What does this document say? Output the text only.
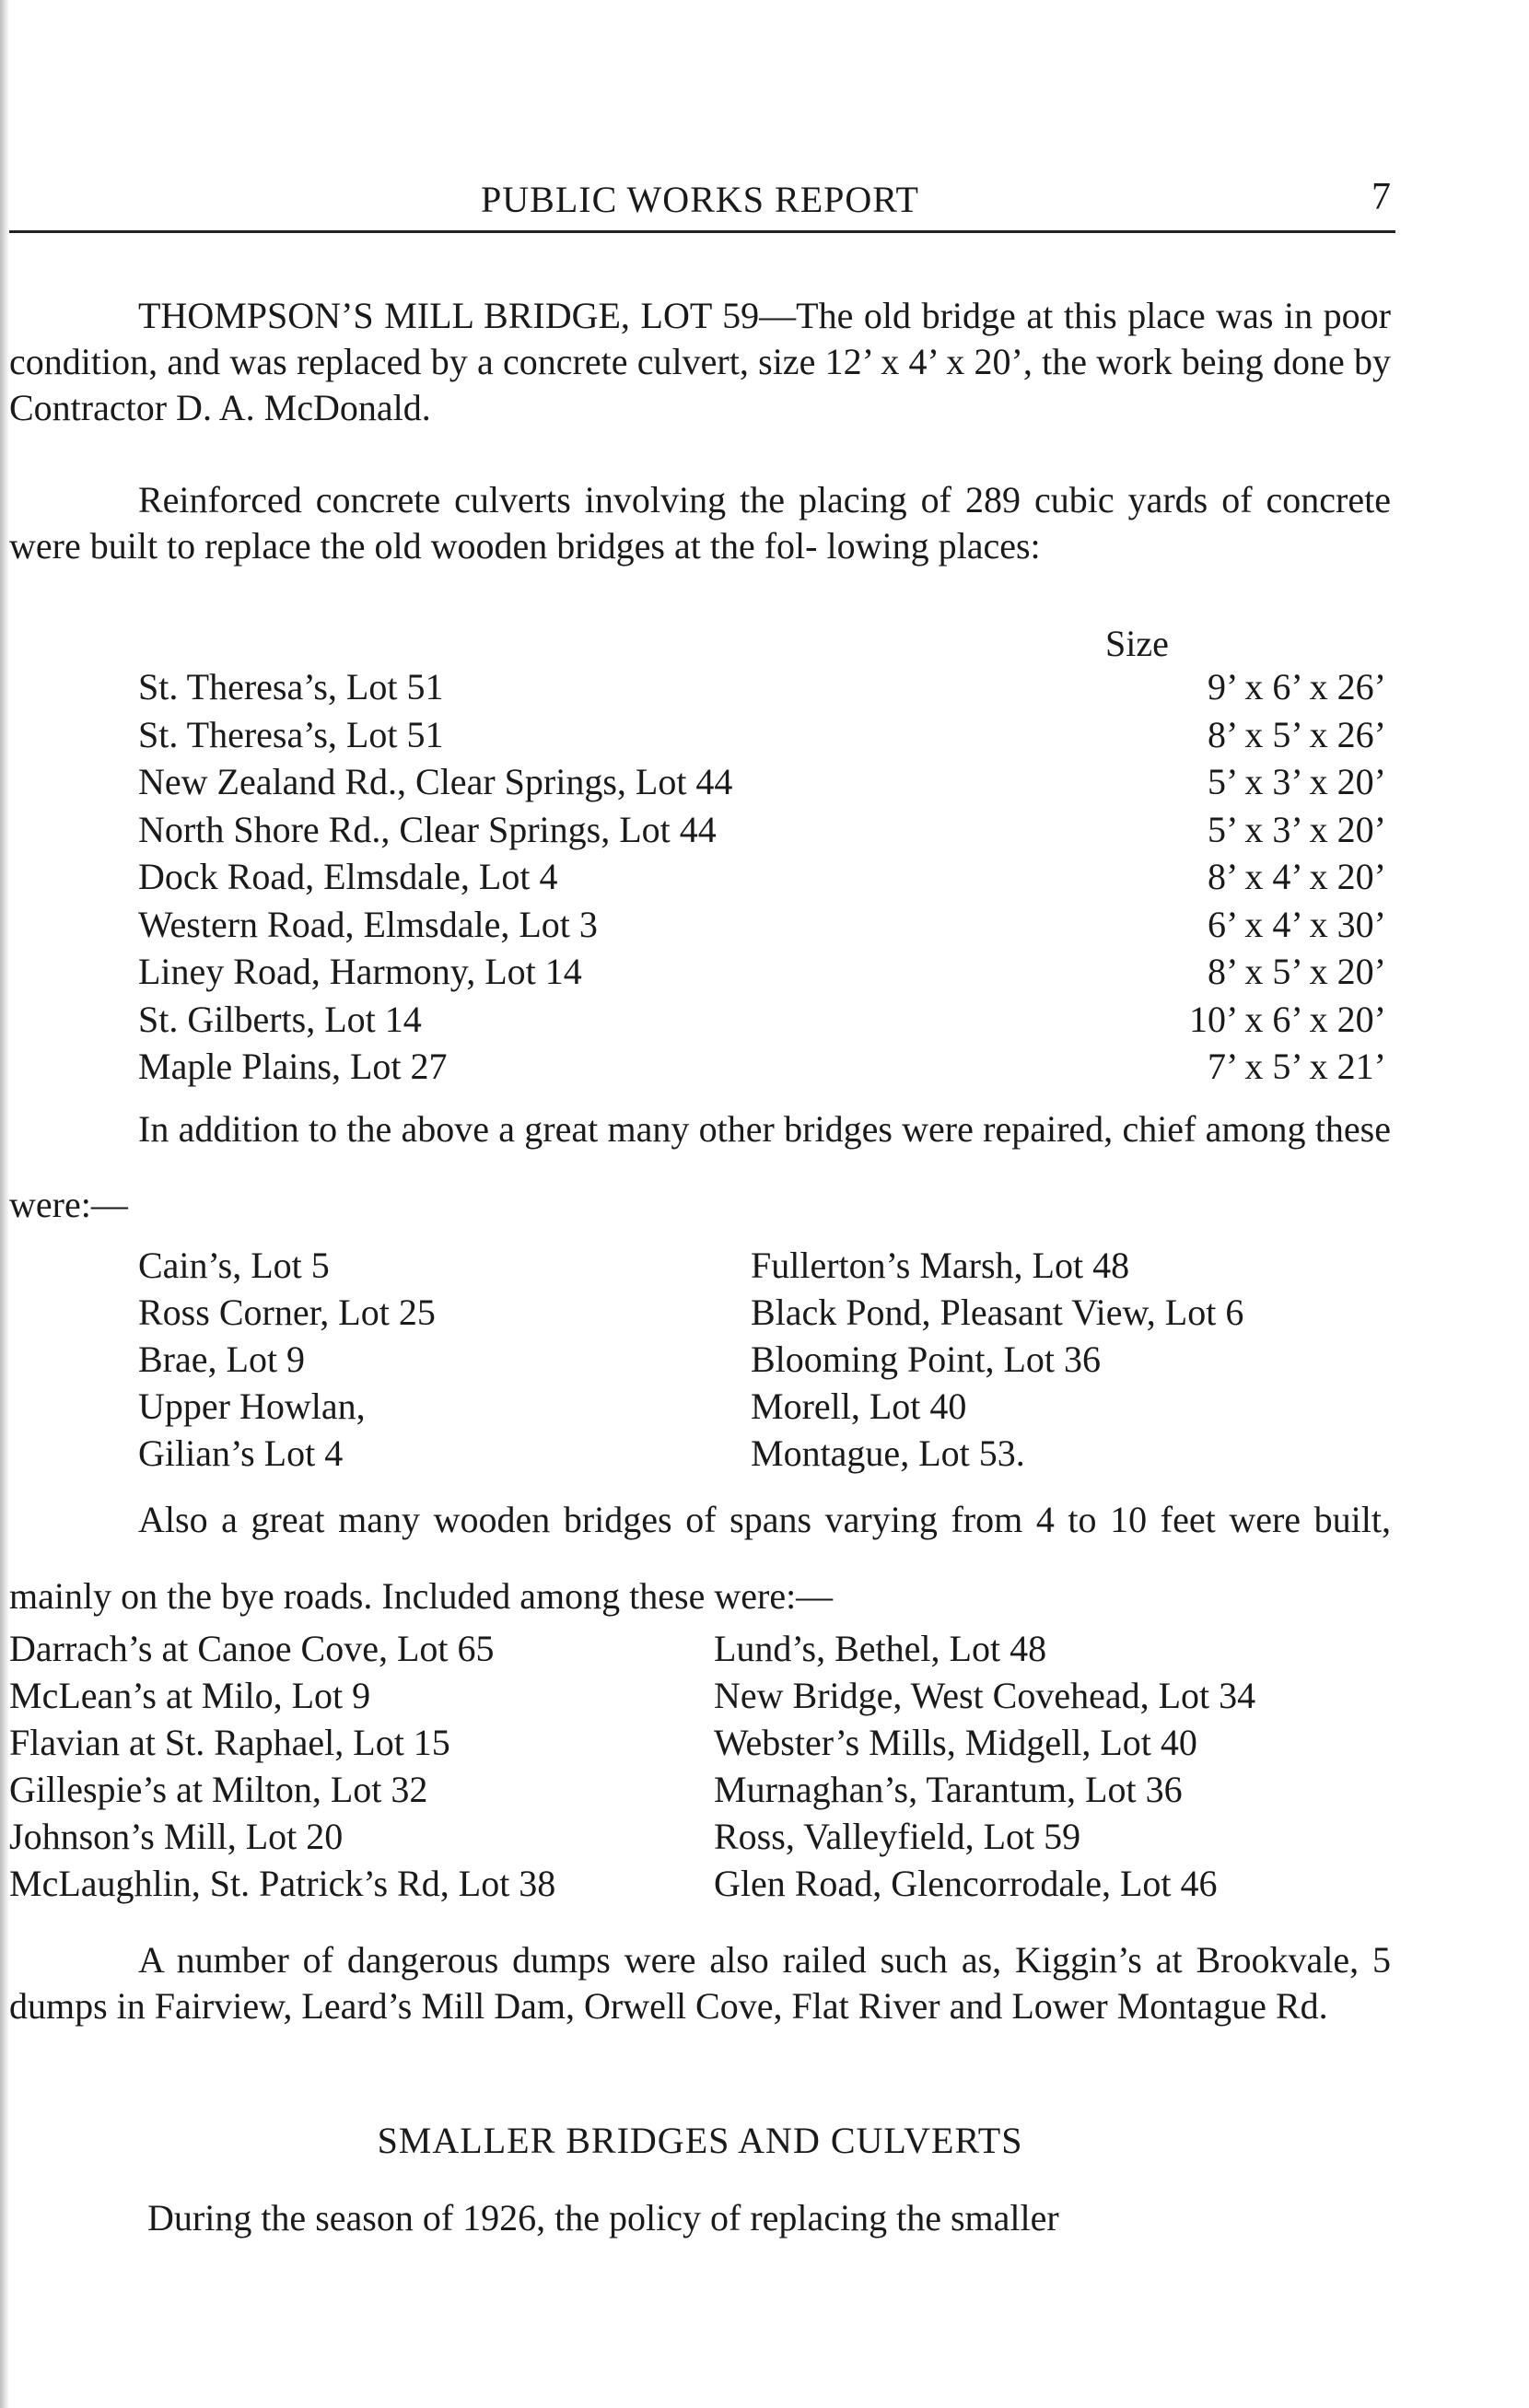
PUBLIC WORKS REPORT	7

THOMPSON’S MILL BRIDGE, LOT 59—The old bridge at this place was in poor condition, and was replaced by a concrete culvert, size 12’ x 4’ x 20’, the work being done by Contractor D. A. McDonald.

Reinforced concrete culverts involving the placing of 289 cubic yards of concrete were built to replace the old wooden bridges at the fol- lowing places:

Size
St. Theresa’s, Lot 51	9’ x 6’ x 26’
St. Theresa’s, Lot 51	8’ x 5’ x 26’
New Zealand Rd., Clear Springs, Lot 44	5’ x 3’ x 20’
North Shore Rd., Clear Springs, Lot 44	5’ x 3’ x 20’
Dock Road, Elmsdale, Lot 4	8’ x 4’ x 20’
Western Road, Elmsdale, Lot 3	6’ x 4’ x 30’
Liney Road, Harmony, Lot 14	8’ x 5’ x 20’
St. Gilberts, Lot 14	10’ x 6’ x 20’
Maple Plains, Lot 27	7’ x 5’ x 21’

In addition to the above a great many other bridges were repaired, chief among these were:—

Cain’s, Lot 5	Fullerton’s Marsh, Lot 48
Ross Corner, Lot 25	Black Pond, Pleasant View, Lot 6
Brae, Lot 9	Blooming Point, Lot 36
Upper Howlan,	Morell, Lot 40
Gilian’s Lot 4	Montague, Lot 53.

Also a great many wooden bridges of spans varying from 4 to 10 feet were built, mainly on the bye roads. Included among these were:—

Darrach’s at Canoe Cove, Lot 65	Lund’s, Bethel, Lot 48
McLean’s at Milo, Lot 9	New Bridge, West Covehead, Lot 34
Flavian at St. Raphael, Lot 15	Webster’s Mills, Midgell, Lot 40
Gillespie’s at Milton, Lot 32	Murnaghan’s, Tarantum, Lot 36
Johnson’s Mill, Lot 20	Ross, Valleyfield, Lot 59
McLaughlin, St. Patrick’s Rd, Lot 38	Glen Road, Glencorrodale, Lot 46

A number of dangerous dumps were also railed such as, Kiggin’s at Brookvale, 5 dumps in Fairview, Leard’s Mill Dam, Orwell Cove, Flat River and Lower Montague Rd.

SMALLER BRIDGES AND CULVERTS

During the season of 1926, the policy of replacing the smaller
